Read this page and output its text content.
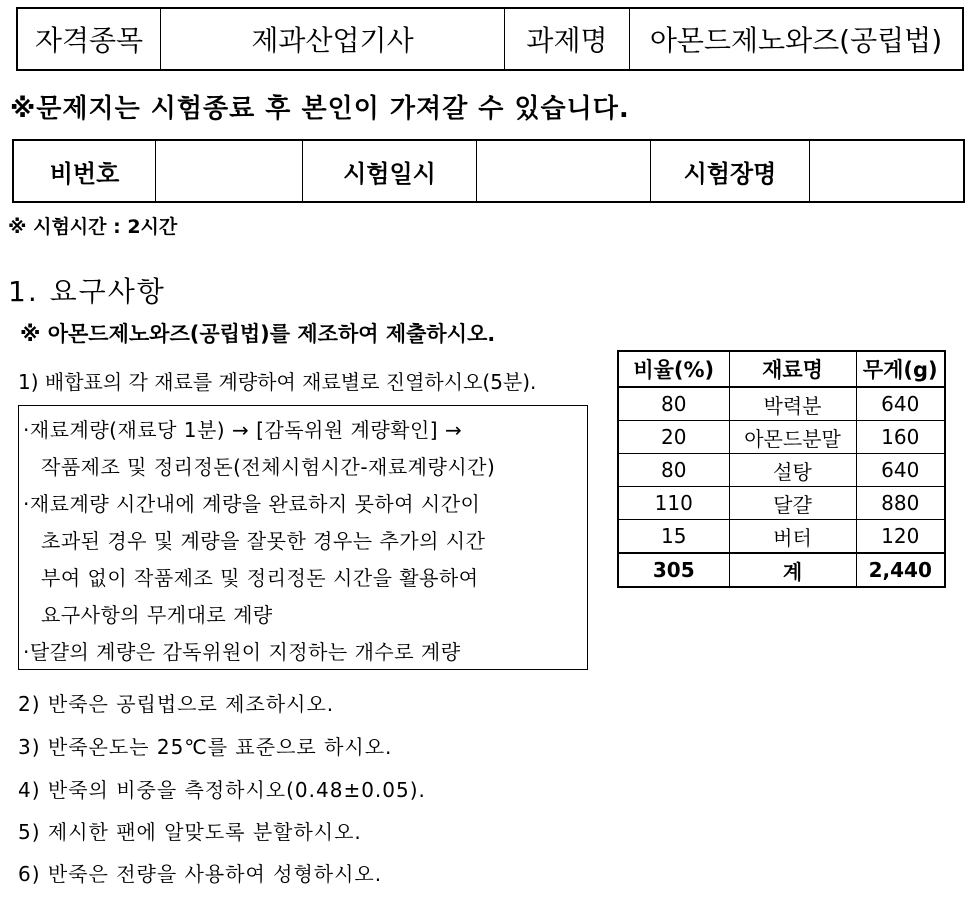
자격종목	제과산업기사	과제명	아몬드제노와즈(공립법)
※문제지는 시험종료 후 본인이 가져갈 수 있습니다.
비번호	시험일시	시험장명
※ 시험시간 : 2시간
1. 요구사항
※ 아몬드제노와즈(공립법)를 제조하여 제출하시오.
1) 배합표의 각 재료를 계량하여 재료별로 진열하시오(5분).
·재료계량(재료당 1분) → [감독위원 계량확인] →
작품제조 및 정리정돈(전체시험시간-재료계량시간)
·재료계량 시간내에 계량을 완료하지 못하여 시간이
초과된 경우 및 계량을 잘못한 경우는 추가의 시간
부여 없이 작품제조 및 정리정돈 시간을 활용하여
요구사항의 무게대로 계량
·달걀의 계량은 감독위원이 지정하는 개수로 계량
비율(%)	재료명	무게(g)
80	박력분	640
20	아몬드분말	160
80	설탕	640
110	달걀	880
15	버터	120
305	계	2,440
2) 반죽은 공립법으로 제조하시오.
3) 반죽온도는 25℃를 표준으로 하시오.
4) 반죽의 비중을 측정하시오(0.48±0.05).
5) 제시한 팬에 알맞도록 분할하시오.
6) 반죽은 전량을 사용하여 성형하시오.
